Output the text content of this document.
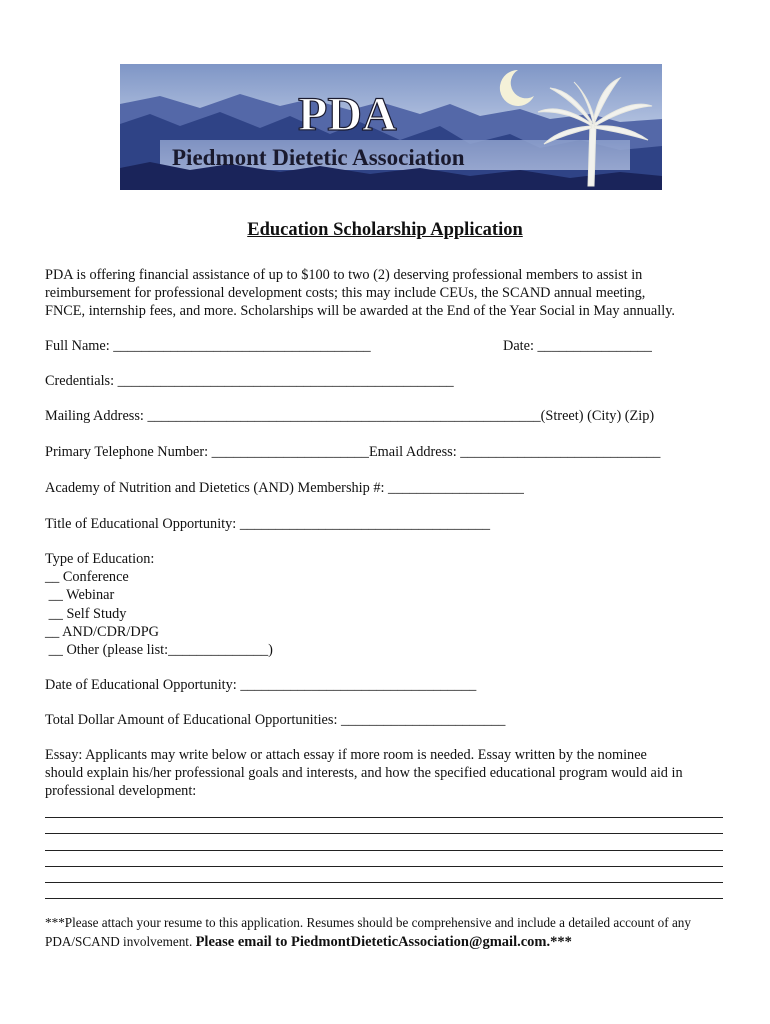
PDA
Piedmont Dietetic Association
Education Scholarship Application
PDA is offering financial assistance of up to $100 to two (2) deserving professional members to assist in
reimbursement for professional development costs; this may include CEUs, the SCAND annual meeting,
FNCE, internship fees, and more. Scholarships will be awarded at the End of the Year Social in May annually.
Full Name: ____________________________________	Date: ________________
Credentials: _______________________________________________
Mailing Address: _______________________________________________________(Street) (City) (Zip)
Primary Telephone Number: ______________________Email Address: ____________________________
Academy of Nutrition and Dietetics (AND) Membership #: ___________________
Title of Educational Opportunity: ___________________________________
Type of Education:
__ Conference
__ Webinar
__ Self Study
__ AND/CDR/DPG
__ Other (please list:______________)
Date of Educational Opportunity: _________________________________
Total Dollar Amount of Educational Opportunities: _______________________
Essay: Applicants may write below or attach essay if more room is needed. Essay written by the nominee
should explain his/her professional goals and interests, and how the specified educational program would aid in
professional development:
***Please attach your resume to this application. Resumes should be comprehensive and include a detailed account of any
PDA/SCAND involvement. Please email to PiedmontDieteticAssociation@gmail.com.***
